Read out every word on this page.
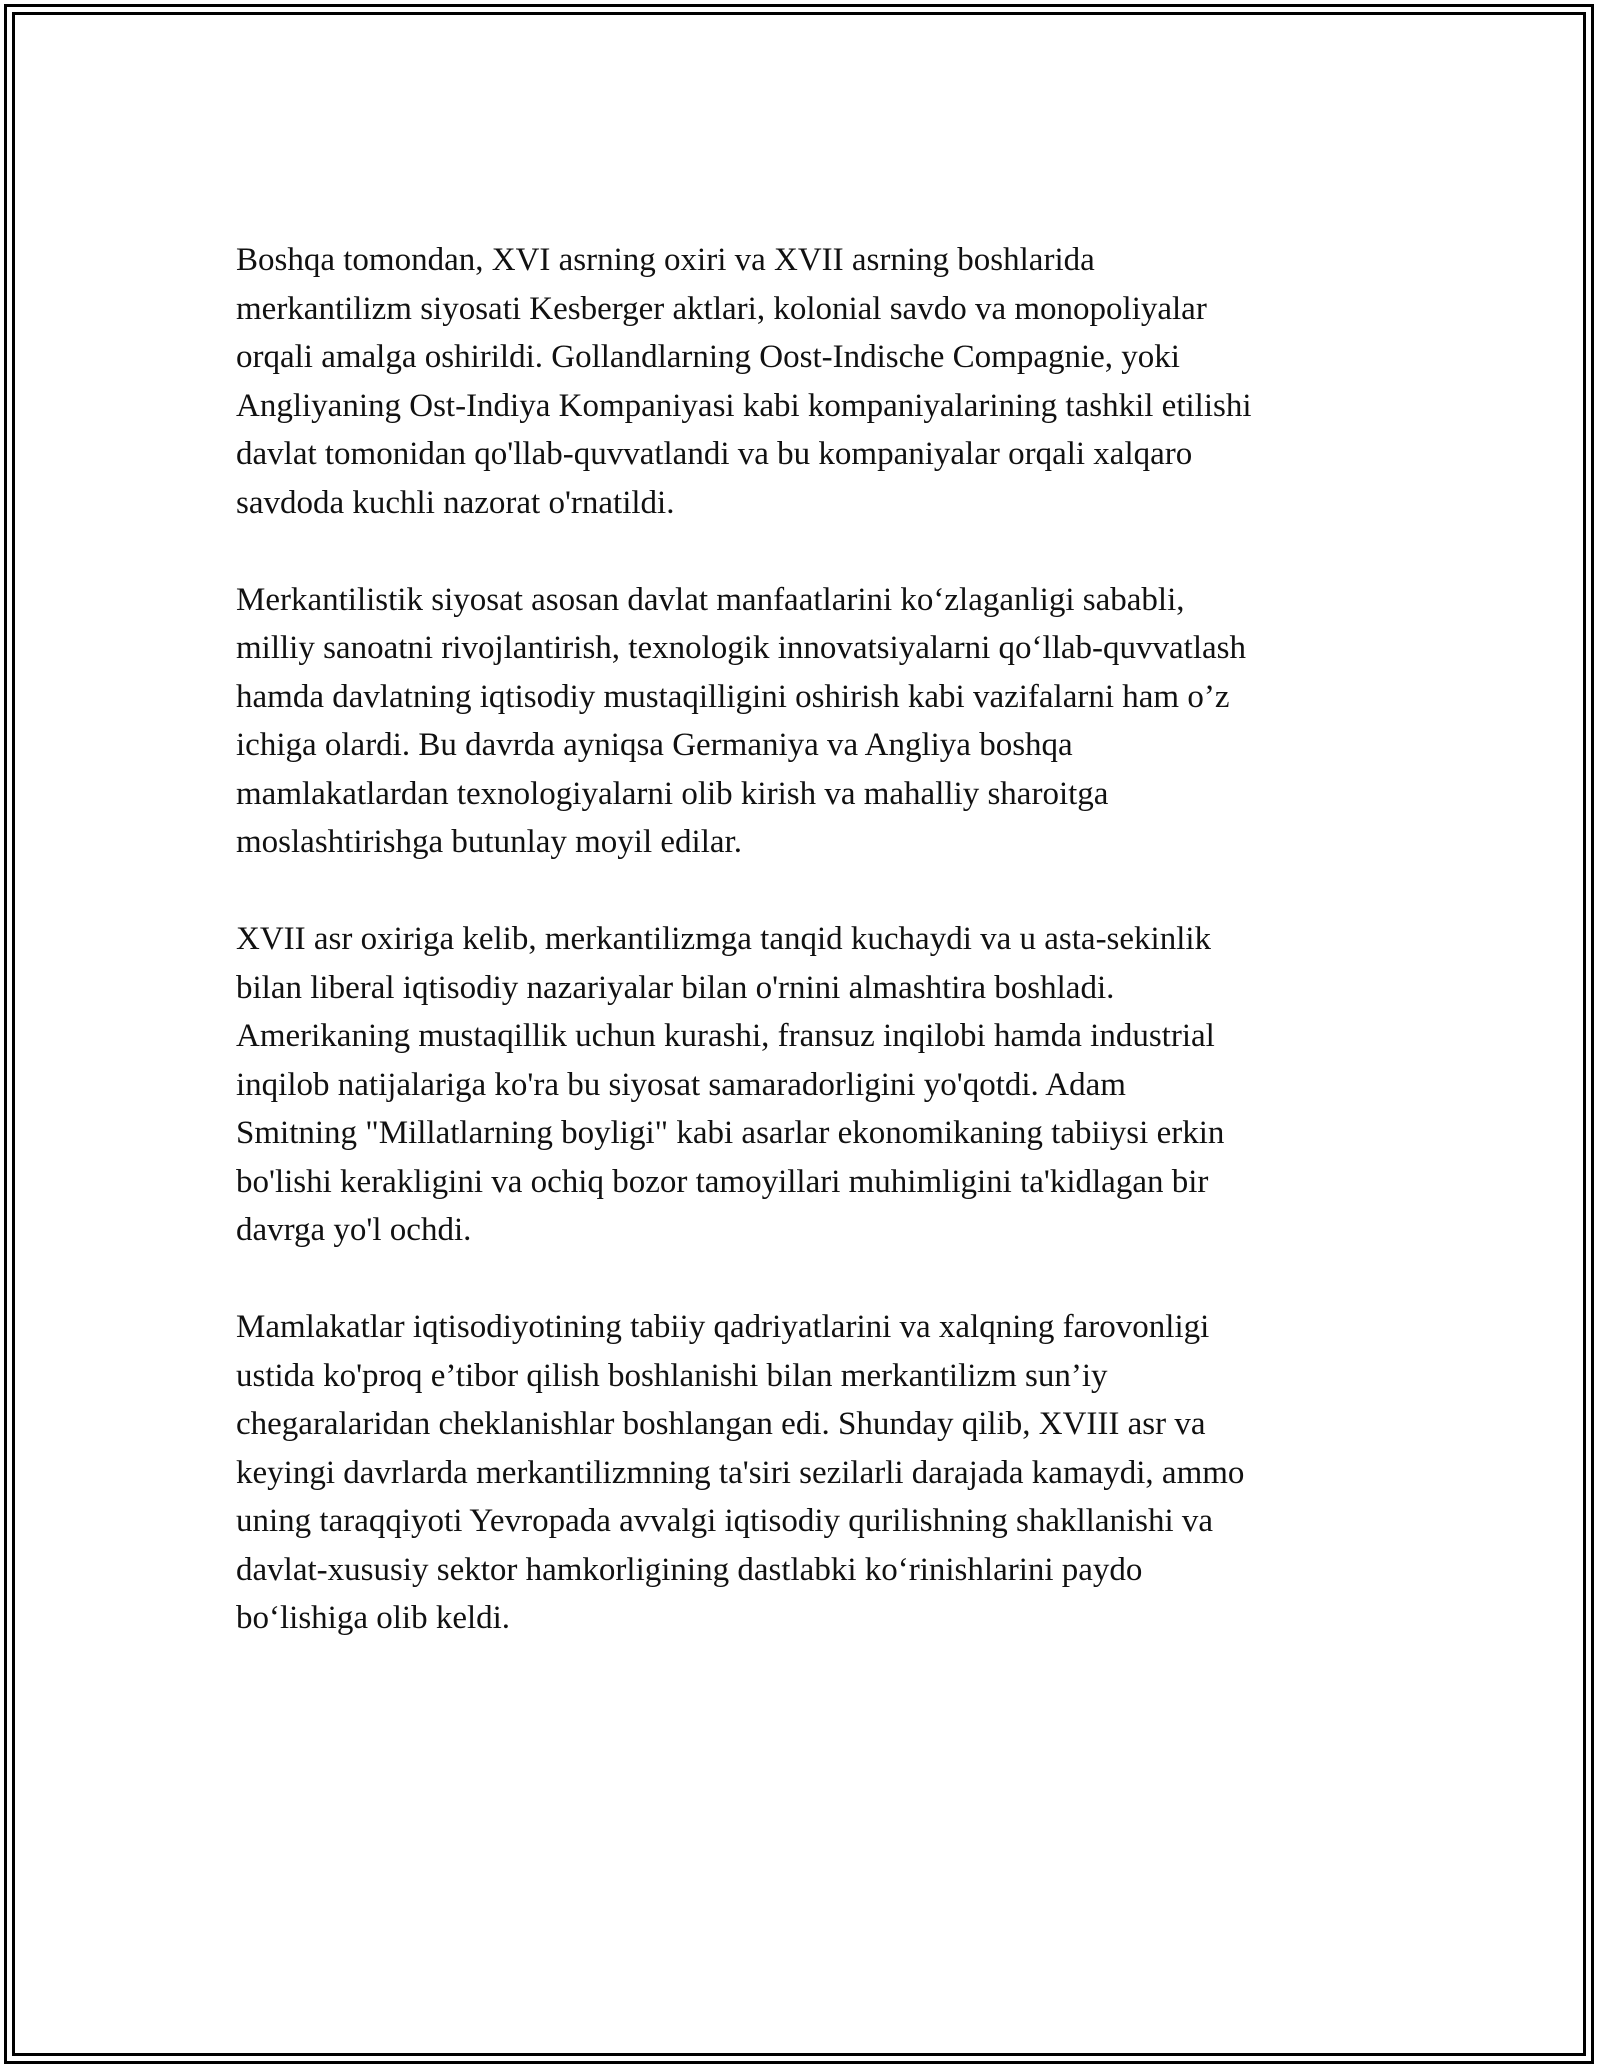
Boshqa tomondan, XVI asrning oxiri va XVII asrning boshlarida
merkantilizm siyosati Kesberger aktlari, kolonial savdo va monopoliyalar
orqali amalga oshirildi. Gollandlarning Oost-Indische Compagnie, yoki
Angliyaning Ost-Indiya Kompaniyasi kabi kompaniyalarining tashkil etilishi
davlat tomonidan qo'llab-quvvatlandi va bu kompaniyalar orqali xalqaro
savdoda kuchli nazorat o'rnatildi.

Merkantilistik siyosat asosan davlat manfaatlarini koʻzlaganligi sababli,
milliy sanoatni rivojlantirish, texnologik innovatsiyalarni qoʻllab-quvvatlash
hamda davlatning iqtisodiy mustaqilligini oshirish kabi vazifalarni ham o’z
ichiga olardi. Bu davrda ayniqsa Germaniya va Angliya boshqa
mamlakatlardan texnologiyalarni olib kirish va mahalliy sharoitga
moslashtirishga butunlay moyil edilar.

XVII asr oxiriga kelib, merkantilizmga tanqid kuchaydi va u asta-sekinlik
bilan liberal iqtisodiy nazariyalar bilan o'rnini almashtira boshladi.
Amerikaning mustaqillik uchun kurashi, fransuz inqilobi hamda industrial
inqilob natijalariga ko'ra bu siyosat samaradorligini yo'qotdi. Adam
Smitning "Millatlarning boyligi" kabi asarlar ekonomikaning tabiiysi erkin
bo'lishi kerakligini va ochiq bozor tamoyillari muhimligini ta'kidlagan bir
davrga yo'l ochdi.

Mamlakatlar iqtisodiyotining tabiiy qadriyatlarini va xalqning farovonligi
ustida ko'proq e’tibor qilish boshlanishi bilan merkantilizm sun’iy
chegaralaridan cheklanishlar boshlangan edi. Shunday qilib, XVIII asr va
keyingi davrlarda merkantilizmning ta'siri sezilarli darajada kamaydi, ammo
uning taraqqiyoti Yevropada avvalgi iqtisodiy qurilishning shakllanishi va
davlat-xususiy sektor hamkorligining dastlabki koʻrinishlarini paydo
boʻlishiga olib keldi.
